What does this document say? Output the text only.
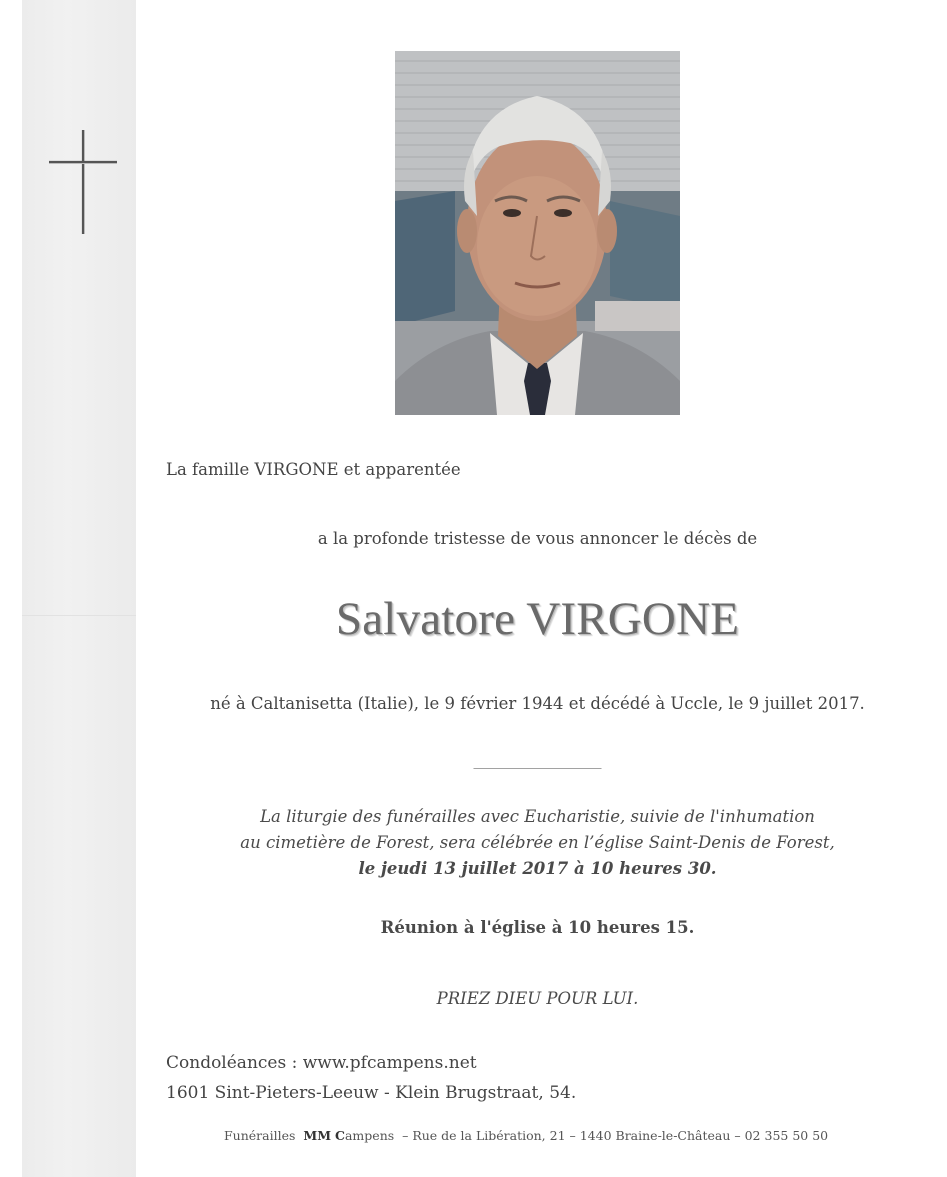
La famille VIRGONE et apparentée

a la profonde tristesse de vous annoncer le décès de

Salvatore VIRGONE

né à Caltanisetta (Italie), le 9 février 1944 et décédé à Uccle, le 9 juillet 2017.

________________

La liturgie des funérailles avec Eucharistie, suivie de l'inhumation

au cimetière de Forest, sera célébrée en l’église Saint-Denis de Forest,

le jeudi 13 juillet 2017 à 10 heures 30.

Réunion à l'église à 10 heures 15.

PRIEZ DIEU POUR LUI.

Condoléances : www.pfcampens.net

1601 Sint-Pieters-Leeuw - Klein Brugstraat, 54.

Funérailles MM Campens – Rue de la Libération, 21 – 1440 Braine-le-Château – 02 355 50 50
